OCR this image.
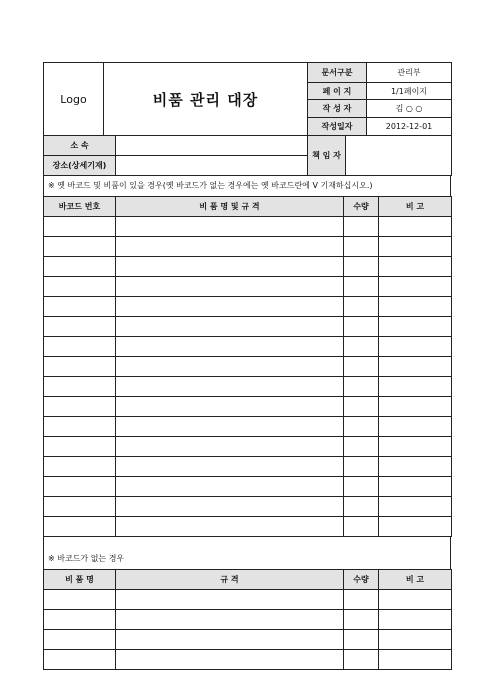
Logo	비품 관리 대장	문서구분	관리부
		페 이 지	1/1페이지
		작 성 자	김 ○ ○
		작성일자	2012-12-01
소 속		책 임 자	
장소(상세기재)			
※ 옛 바코드 및 비품이 있을 경우(옛 바코드가 없는 경우에는 옛 바코드란에 V 기재하십시오.)
바코드 번호	비 품 명 및 규 격	수량	비 고

※ 바코드가 없는 경우
비 품 명	규 격	수량	비 고
